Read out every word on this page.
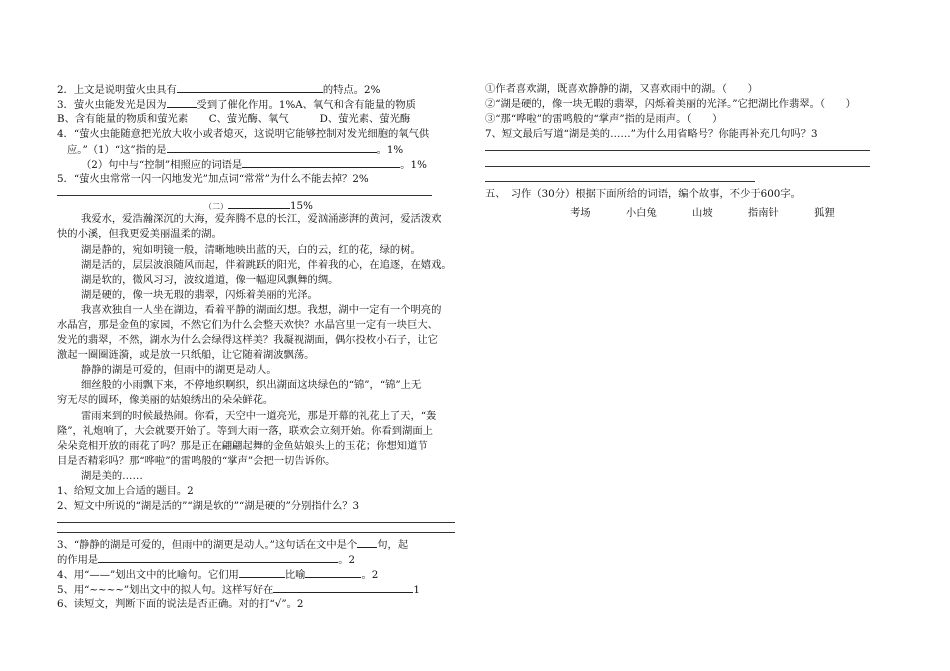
2．上文是说明萤火虫具有	的特点。2%
3．萤火虫能发光是因为	受到了催化作用。1%A、氧气和含有能量的物质
B、含有能量的物质和萤光素　　C、萤光酶、氧气　　　D、萤光素、萤光酶
4．“萤火虫能随意把光放大收小或者熄灭，这说明它能够控制对发光细胞的氧气供
应。”（1）“这”指的是	。1%
（2）句中与“控制”相照应的词语是	。1%
5．“萤火虫常常一闪一闪地发光”加点词“常常”为什么不能去掉？2%
（二）	15%
我爱水，爱浩瀚深沉的大海，爱奔腾不息的长江，爱汹涌澎湃的黄河，爱活泼欢
快的小溪，但我更爱美丽温柔的湖。
湖是静的，宛如明镜一般，清晰地映出蓝的天，白的云，红的花，绿的树。
湖是活的，层层波浪随风而起，伴着跳跃的阳光，伴着我的心，在追逐，在嬉戏。
湖是软的，微风习习，波纹道道，像一幅迎风飘舞的绸。
湖是硬的，像一块无瑕的翡翠，闪烁着美丽的光泽。
我喜欢独自一人坐在湖边，看着平静的湖面幻想。我想，湖中一定有一个明亮的
水晶宫，那是金鱼的家园，不然它们为什么会整天欢快？水晶宫里一定有一块巨大、
发光的翡翠，不然，湖水为什么会绿得这样美？我凝视湖面，偶尔投枚小石子，让它
激起一圈圈涟漪，或是放一只纸船，让它随着湖波飘荡。
静静的湖是可爱的，但雨中的湖更是动人。
细丝般的小雨飘下来，不停地织啊织，织出湖面这块绿色的“锦”，“锦”上无
穷无尽的圆环，像美丽的姑娘绣出的朵朵鲜花。
雷雨来到的时候最热闹。你看，天空中一道亮光，那是开幕的礼花上了天，“轰
隆”，礼炮响了，大会就要开始了。等到大雨一落，联欢会立刻开始。你看到湖面上
朵朵竞相开放的雨花了吗？那是正在翩翩起舞的金鱼姑娘头上的玉花；你想知道节
目是否精彩吗？那“哗啦”的雷鸣般的“掌声”会把一切告诉你。
湖是美的……
1、给短文加上合适的题目。2
2、短文中所说的“湖是活的”“湖是软的”“湖是硬的”分别指什么？3
3、“静静的湖是可爱的，但雨中的湖更是动人。”这句话在文中是个 句，起
的作用是	。2
4、用“——”划出文中的比喻句。它们用	比喻	。2
5、用“~~~~”划出文中的拟人句。这样写好在	1
6、读短文，判断下面的说法是否正确。对的打“√”。2
①作者喜欢湖，既喜欢静静的湖，又喜欢雨中的湖。（　　）
②“湖是硬的，像一块无暇的翡翠，闪烁着美丽的光泽。”它把湖比作翡翠。（　　）
③“那“哗啦”的雷鸣般的“掌声”指的是雨声。（　　）
7、短文最后写道“湖是美的……”为什么用省略号？你能再补充几句吗？3
五、　习作（30分）根据下面所给的词语，编个故事，不少于600字。
考场	小白兔	山坡	指南针	狐狸
